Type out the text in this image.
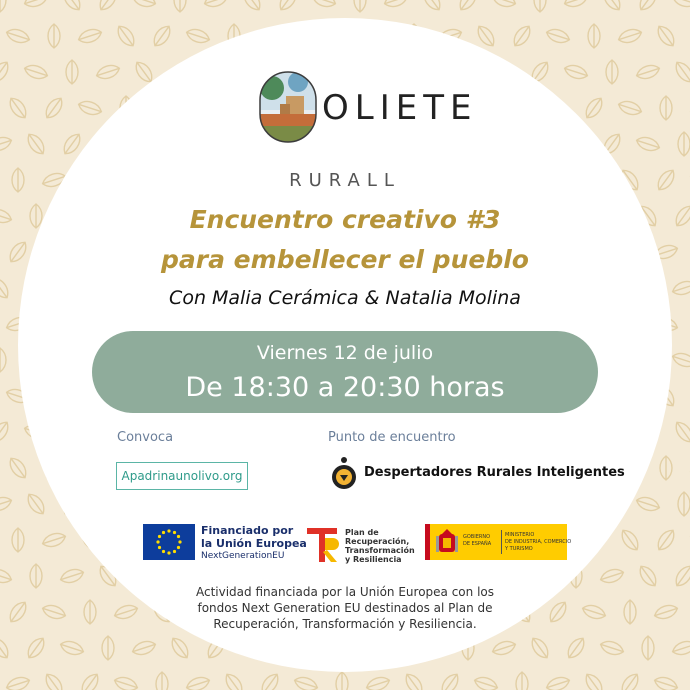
OLIETE
RURALL
Encuentro creativo #3
para embellecer el pueblo
Con Malia Cerámica & Natalia Molina
Viernes 12 de julio
De 18:30 a 20:30 horas
Convoca	Punto de encuentro
Apadrinaunolivo.org	Despertadores Rurales Inteligentes
Financiado por
la Unión Europea
NextGenerationEU
Plan de
Recuperación,
Transformación
y Resiliencia
GOBIERNO
DE ESPAÑA
MINISTERIO
DE INDUSTRIA, COMERCIO
Y TURISMO
Actividad financiada por la Unión Europea con los
fondos Next Generation EU destinados al Plan de
Recuperación, Transformación y Resiliencia.
